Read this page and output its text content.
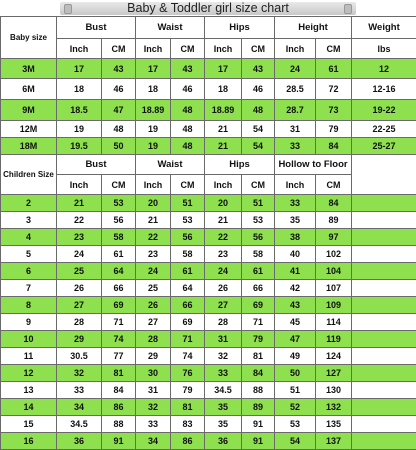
Baby & Toddler girl size chart
Baby size	Bust		Waist		Hips		Height		Weight
	Inch	CM	Inch	CM	Inch	CM	Inch	CM	lbs
3M	17	43	17	43	17	43	24	61	12
6M	18	46	18	46	18	46	28.5	72	12-16
9M	18.5	47	18.89	48	18.89	48	28.7	73	19-22
12M	19	48	19	48	21	54	31	79	22-25
18M	19.5	50	19	48	21	54	33	84	25-27
Children Size	Bust		Waist		Hips		Hollow to Floor		
	Inch	CM	Inch	CM	Inch	CM	Inch	CM	
2	21	53	20	51	20	51	33	84	
3	22	56	21	53	21	53	35	89	
4	23	58	22	56	22	56	38	97	
5	24	61	23	58	23	58	40	102	
6	25	64	24	61	24	61	41	104	
7	26	66	25	64	26	66	42	107	
8	27	69	26	66	27	69	43	109	
9	28	71	27	69	28	71	45	114	
10	29	74	28	71	31	79	47	119	
11	30.5	77	29	74	32	81	49	124	
12	32	81	30	76	33	84	50	127	
13	33	84	31	79	34.5	88	51	130	
14	34	86	32	81	35	89	52	132	
15	34.5	88	33	83	35	91	53	135	
16	36	91	34	86	36	91	54	137	
